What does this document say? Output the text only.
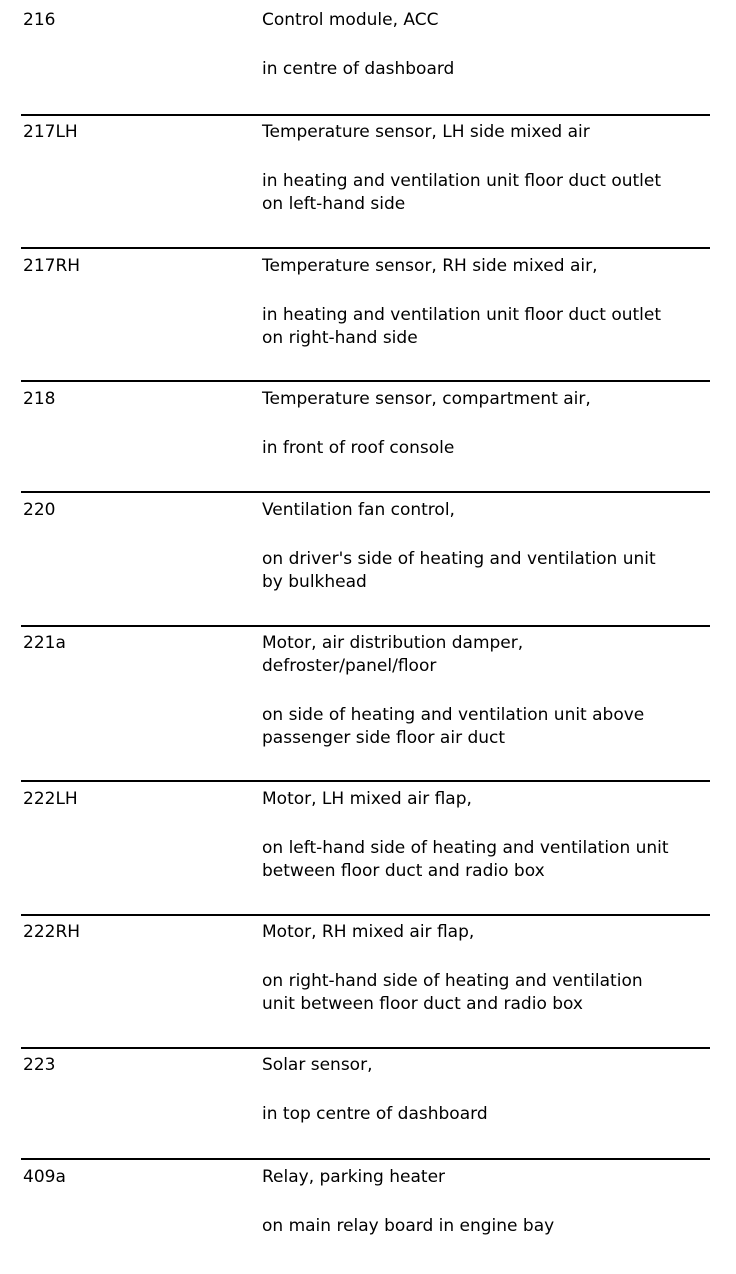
216	Control module, ACC
in centre of dashboard
217LH	Temperature sensor, LH side mixed air
in heating and ventilation unit floor duct outlet
on left-hand side
217RH	Temperature sensor, RH side mixed air,
in heating and ventilation unit floor duct outlet
on right-hand side
218	Temperature sensor, compartment air,
in front of roof console
220	Ventilation fan control,
on driver's side of heating and ventilation unit
by bulkhead
221a	Motor, air distribution damper,
defroster/panel/floor
on side of heating and ventilation unit above
passenger side floor air duct
222LH	Motor, LH mixed air flap,
on left-hand side of heating and ventilation unit
between floor duct and radio box
222RH	Motor, RH mixed air flap,
on right-hand side of heating and ventilation
unit between floor duct and radio box
223	Solar sensor,
in top centre of dashboard
409a	Relay, parking heater
on main relay board in engine bay
